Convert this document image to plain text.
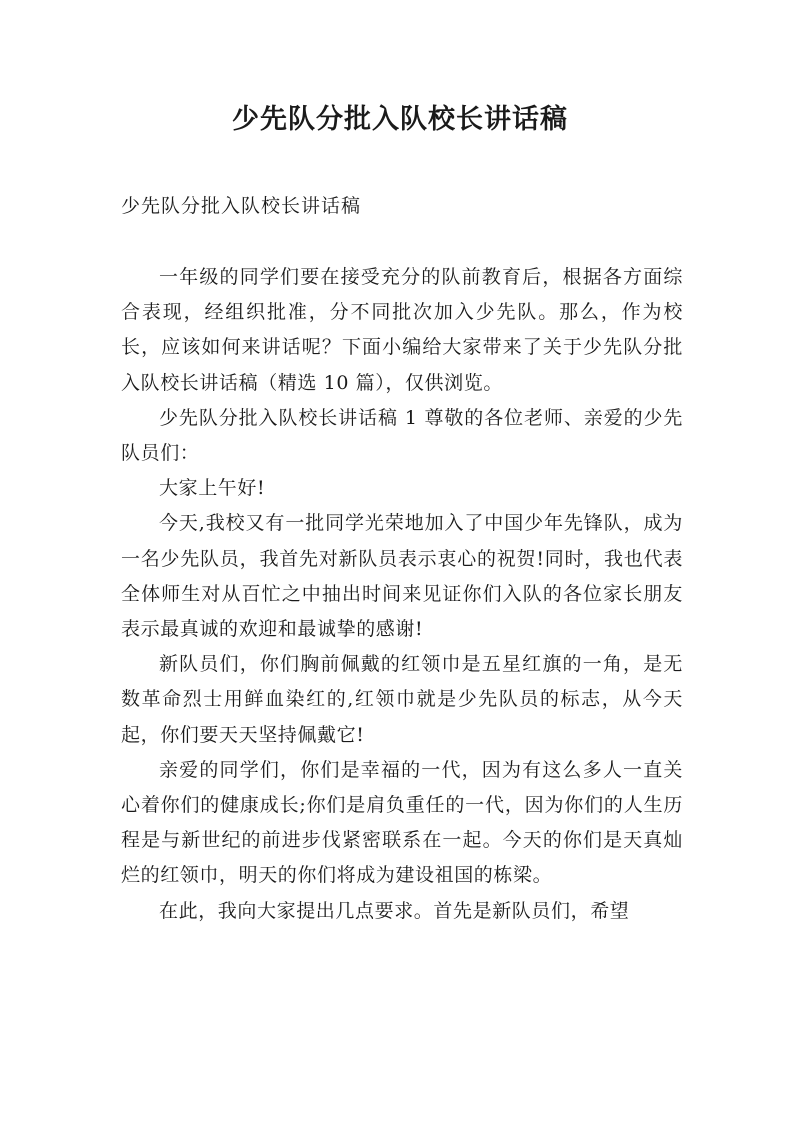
少先队分批入队校长讲话稿

少先队分批入队校长讲话稿

一年级的同学们要在接受充分的队前教育后，根据各方面综合表现，经组织批准，分不同批次加入少先队。那么，作为校长，应该如何来讲话呢？下面小编给大家带来了关于少先队分批入队校长讲话稿（精选 10 篇），仅供浏览。

少先队分批入队校长讲话稿 1 尊敬的各位老师、亲爱的少先队员们：

大家上午好!

今天,我校又有一批同学光荣地加入了中国少年先锋队，成为一名少先队员，我首先对新队员表示衷心的祝贺!同时，我也代表全体师生对从百忙之中抽出时间来见证你们入队的各位家长朋友表示最真诚的欢迎和最诚挚的感谢!

新队员们，你们胸前佩戴的红领巾是五星红旗的一角，是无数革命烈士用鲜血染红的,红领巾就是少先队员的标志，从今天起，你们要天天坚持佩戴它!

亲爱的同学们，你们是幸福的一代，因为有这么多人一直关心着你们的健康成长;你们是肩负重任的一代，因为你们的人生历程是与新世纪的前进步伐紧密联系在一起。今天的你们是天真灿烂的红领巾，明天的你们将成为建设祖国的栋梁。

在此，我向大家提出几点要求。首先是新队员们，希望
